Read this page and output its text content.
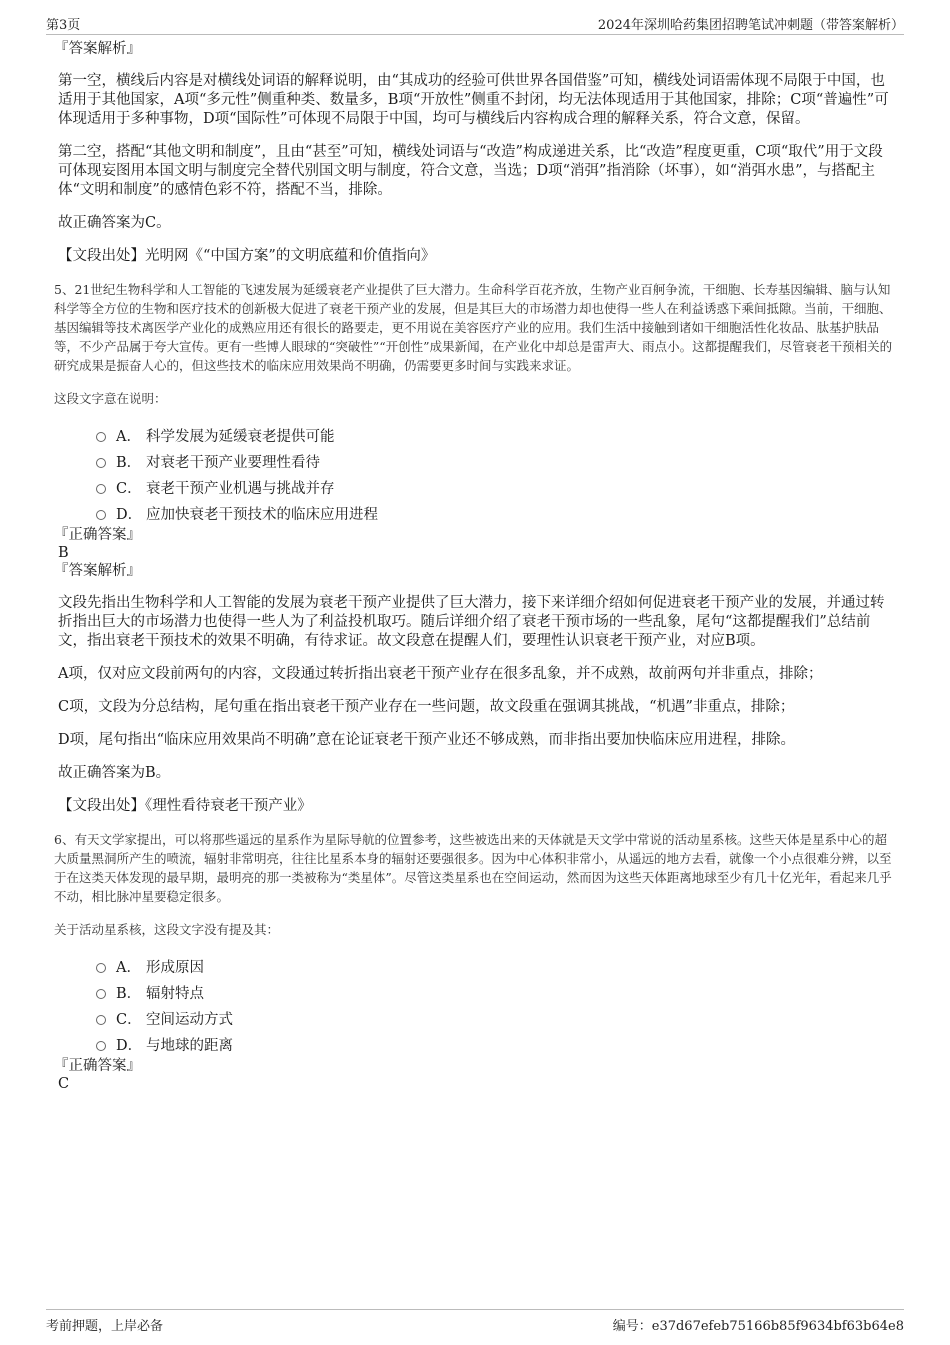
第3页	2024年深圳哈药集团招聘笔试冲刺题（带答案解析）

『答案解析』

第一空，横线后内容是对横线处词语的解释说明，由“其成功的经验可供世界各国借鉴”可知，横线处词语需体现不局限于中国，也适用于其他国家，A项“多元性”侧重种类、数量多，B项“开放性”侧重不封闭，均无法体现适用于其他国家，排除；C项“普遍性”可体现适用于多种事物，D项“国际性”可体现不局限于中国，均可与横线后内容构成合理的解释关系，符合文意，保留。

第二空，搭配“其他文明和制度”，且由“甚至”可知，横线处词语与“改造”构成递进关系，比“改造”程度更重，C项“取代”用于文段可体现妄图用本国文明与制度完全替代别国文明与制度，符合文意，当选；D项“消弭”指消除（坏事），如“消弭水患”，与搭配主体“文明和制度”的感情色彩不符，搭配不当，排除。

故正确答案为C。

【文段出处】光明网《“中国方案”的文明底蕴和价值指向》

5、21世纪生物科学和人工智能的飞速发展为延缓衰老产业提供了巨大潜力。生命科学百花齐放，生物产业百舸争流，干细胞、长寿基因编辑、脑与认知科学等全方位的生物和医疗技术的创新极大促进了衰老干预产业的发展，但是其巨大的市场潜力却也使得一些人在利益诱惑下乘间抵隙。当前，干细胞、基因编辑等技术离医学产业化的成熟应用还有很长的路要走，更不用说在美容医疗产业的应用。我们生活中接触到诸如干细胞活性化妆品、肽基护肤品等，不少产品属于夸大宣传。更有一些博人眼球的“突破性”“开创性”成果新闻，在产业化中却总是雷声大、雨点小。这都提醒我们，尽管衰老干预相关的研究成果是振奋人心的，但这些技术的临床应用效果尚不明确，仍需要更多时间与实践来求证。

这段文字意在说明：

A． 科学发展为延缓衰老提供可能
B． 对衰老干预产业要理性看待
C． 衰老干预产业机遇与挑战并存
D． 应加快衰老干预技术的临床应用进程

『正确答案』

B

『答案解析』

文段先指出生物科学和人工智能的发展为衰老干预产业提供了巨大潜力，接下来详细介绍如何促进衰老干预产业的发展，并通过转折指出巨大的市场潜力也使得一些人为了利益投机取巧。随后详细介绍了衰老干预市场的一些乱象，尾句“这都提醒我们”总结前文，指出衰老干预技术的效果不明确，有待求证。故文段意在提醒人们，要理性认识衰老干预产业，对应B项。

A项，仅对应文段前两句的内容，文段通过转折指出衰老干预产业存在很多乱象，并不成熟，故前两句并非重点，排除；

C项，文段为分总结构，尾句重在指出衰老干预产业存在一些问题，故文段重在强调其挑战，“机遇”非重点，排除；

D项，尾句指出“临床应用效果尚不明确”意在论证衰老干预产业还不够成熟，而非指出要加快临床应用进程，排除。

故正确答案为B。

【文段出处】《理性看待衰老干预产业》

6、有天文学家提出，可以将那些遥远的星系作为星际导航的位置参考，这些被选出来的天体就是天文学中常说的活动星系核。这些天体是星系中心的超大质量黑洞所产生的喷流，辐射非常明亮，往往比星系本身的辐射还要强很多。因为中心体积非常小，从遥远的地方去看，就像一个小点很难分辨，以至于在这类天体发现的最早期，最明亮的那一类被称为“类星体”。尽管这类星系也在空间运动，然而因为这些天体距离地球至少有几十亿光年，看起来几乎不动，相比脉冲星要稳定很多。

关于活动星系核，这段文字没有提及其：

A． 形成原因
B． 辐射特点
C． 空间运动方式
D． 与地球的距离

『正确答案』

C

考前押题，上岸必备	编号：e37d67efeb75166b85f9634bf63b64e8
